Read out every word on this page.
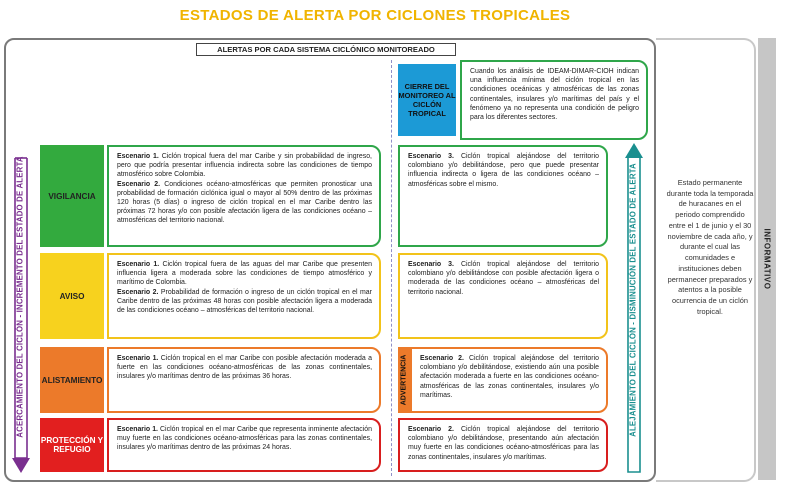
ESTADOS DE ALERTA POR CICLONES TROPICALES
Estado permanente durante toda la temporada de huracanes en el periodo comprendido entre el 1 de junio y el 30 noviembre de cada año, y durante el cual las comunidades e instituciones deben permanecer preparados y atentos a la posible ocurrencia de un ciclón tropical.
INFORMATIVO
ALERTAS POR CADA SISTEMA CICLÓNICO MONITOREADO
ACERCAMIENTO DEL CICLÓN - INCREMENTO DEL ESTADO DE ALERTA	ALEJAMIENTO DEL CICLÓN - DISMINUCIÓN DEL ESTADO DE ALERTA
VIGILANCIA
AVISO
ALISTAMIENTO
PROTECCIÓN Y REFUGIO

Escenario 1. Ciclón tropical fuera del mar Caribe y sin probabilidad de ingreso, pero que podría presentar influencia indirecta sobre las condiciones de tiempo atmosférico sobre Colombia.

Escenario 2. Condiciones océano-atmosféricas que permiten pronosticar una probabilidad de formación ciclónica igual o mayor al 50% dentro de las próximas 120 horas (5 días) o ingreso de ciclón tropical en el mar Caribe dentro las próximas 72 horas y/o con posible afectación ligera de las condiciones océano – atmosféricas del territorio nacional.

Escenario 1. Ciclón tropical fuera de las aguas del mar Caribe que presenten influencia ligera a moderada sobre las condiciones de tiempo atmosférico y marítimo de Colombia.

Escenario 2. Probabilidad de formación o ingreso de un ciclón tropical en el mar Caribe dentro de las próximas 48 horas con posible afectación ligera a moderada de las condiciones océano – atmosféricas del territorio nacional.

Escenario 1. Ciclón tropical en el mar Caribe con posible afectación moderada a fuerte en las condiciones océano-atmosféricas de las zonas continentales, insulares y/o marítimas dentro de las próximas 36 horas.

Escenario 1. Ciclón tropical en el mar Caribe que representa inminente afectación muy fuerte en las condiciones océano-atmosféricas para las zonas continentales, insulares y/o marítimas dentro de las próximas 24 horas.

CIERRE DEL MONITOREO AL CICLÓN TROPICAL

Cuando los análisis de IDEAM-DIMAR-CIOH indican una influencia mínima del ciclón tropical en las condiciones oceánicas y atmosféricas de las zonas continentales, insulares y/o marítimas del país y el fenómeno ya no representa una condición de peligro para los diferentes sectores.

Escenario 3. Ciclón tropical alejándose del territorio colombiano y/o debilitándose, pero que puede presentar influencia indirecta o ligera de las condiciones océano – atmosféricas sobre el mismo.

Escenario 3. Ciclón tropical alejándose del territorio colombiano y/o debilitándose con posible afectación ligera o moderada de las condiciones océano – atmosféricas del territorio nacional.

ADVERTENCIA Escenario 2. Ciclón tropical alejándose del territorio colombiano y/o debilitándose, existiendo aún una posible afectación moderada a fuerte en las condiciones océano-atmosféricas de las zonas continentales, insulares y/o marítimas.

Escenario 2. Ciclón tropical alejándose del territorio colombiano y/o debilitándose, presentando aún afectación muy fuerte en las condiciones océano-atmosféricas para las zonas continentales, insulares y/o marítimas.
